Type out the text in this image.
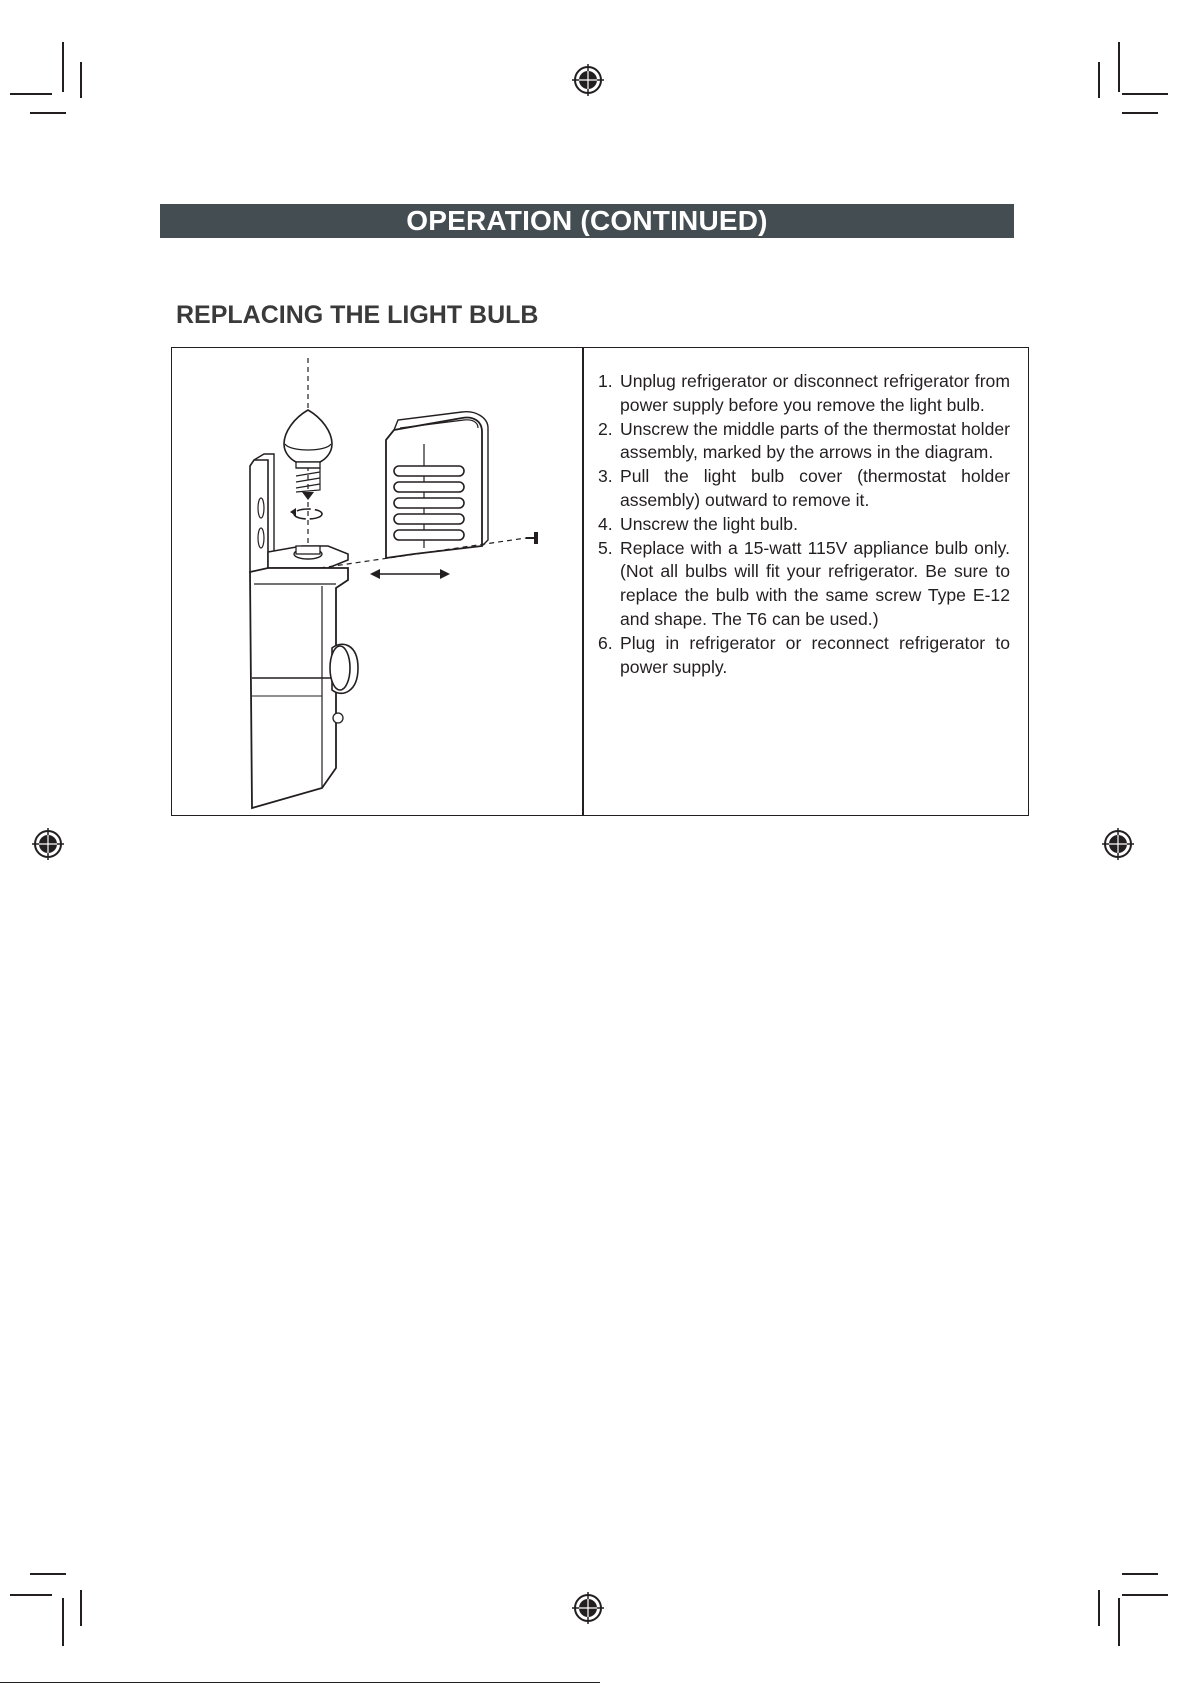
OPERATION (CONTINUED)
REPLACING THE LIGHT BULB
1. Unplug refrigerator or disconnect refrigerator from power supply before you remove the light bulb.
2. Unscrew the middle parts of the thermostat holder assembly, marked by the arrows in the diagram.
3. Pull the light bulb cover (thermostat holder assembly) outward to remove it.
4. Unscrew the light bulb.
5. Replace with a 15-watt 115V appliance bulb only. (Not all bulbs will fit your refrigerator. Be sure to replace the bulb with the same screw Type E-12 and shape. The T6 can be used.)
6. Plug in refrigerator or reconnect refrigerator to power supply.
